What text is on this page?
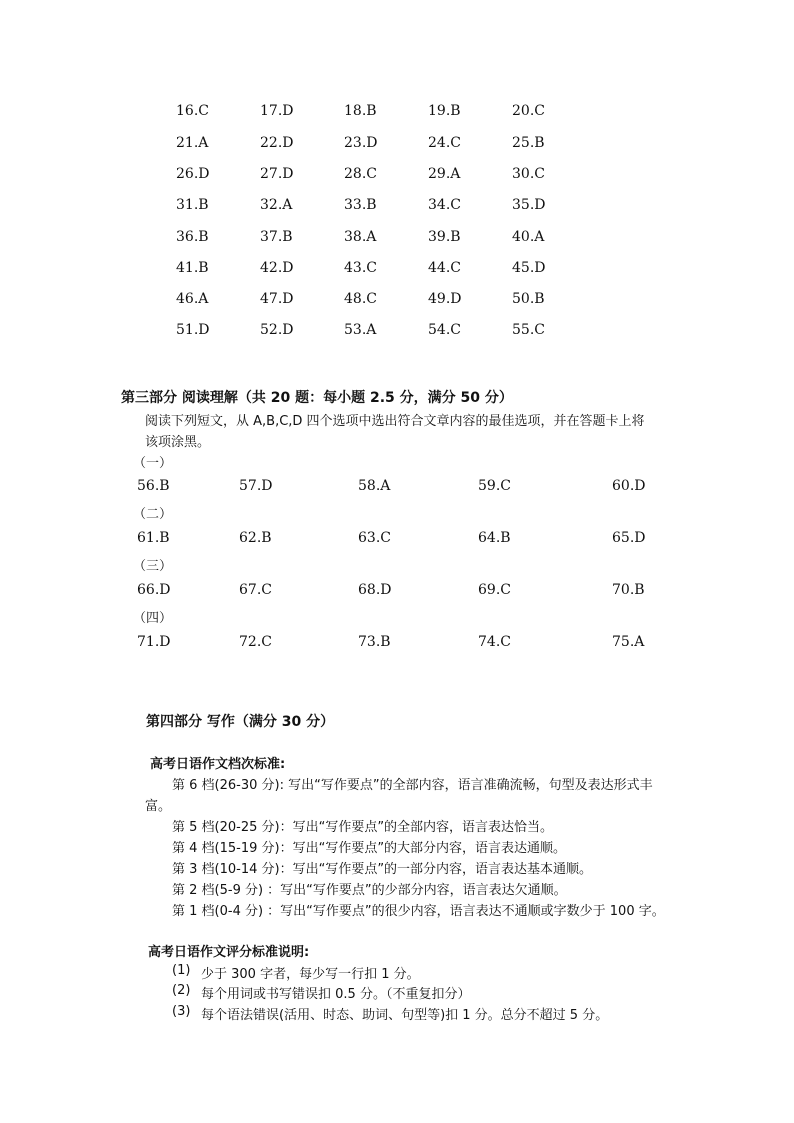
16.C	17.D	18.B	19.B	20.C
21.A	22.D	23.D	24.C	25.B
26.D	27.D	28.C	29.A	30.C
31.B	32.A	33.B	34.C	35.D
36.B	37.B	38.A	39.B	40.A
41.B	42.D	43.C	44.C	45.D
46.A	47.D	48.C	49.D	50.B
51.D	52.D	53.A	54.C	55.C
第三部分 阅读理解（共 20 题：每小题 2.5 分，满分 50 分）
阅读下列短文，从 A,B,C,D 四个选项中选出符合文章内容的最佳选项，并在答题卡上将
该项涂黑。
（一）
56.B	57.D	58.A	59.C	60.D
（二）
61.B	62.B	63.C	64.B	65.D
（三）
66.D	67.C	68.D	69.C	70.B
（四）
71.D	72.C	73.B	74.C	75.A
第四部分 写作（满分 30 分）
高考日语作文档次标准:
第 6 档(26-30 分): 写出“写作要点”的全部内容，语言准确流畅，句型及表达形式丰
富。
第 5 档(20-25 分)：写出“写作要点”的全部内容，语言表达恰当。
第 4 档(15-19 分)：写出“写作要点”的大部分内容，语言表达通顺。
第 3 档(10-14 分)：写出“写作要点”的一部分内容，语言表达基本通顺。
第 2 档(5-9 分) ：写出“写作要点”的少部分内容，语言表达欠通顺。
第 1 档(0-4 分) ：写出“写作要点”的很少内容，语言表达不通顺或字数少于 100 字。
高考日语作文评分标准说明:
(1) 少于 300 字者，每少写一行扣 1 分。
(2) 每个用词或书写错误扣 0.5 分。（不重复扣分）
(3) 每个语法错误(活用、时态、助词、句型等)扣 1 分。总分不超过 5 分。
